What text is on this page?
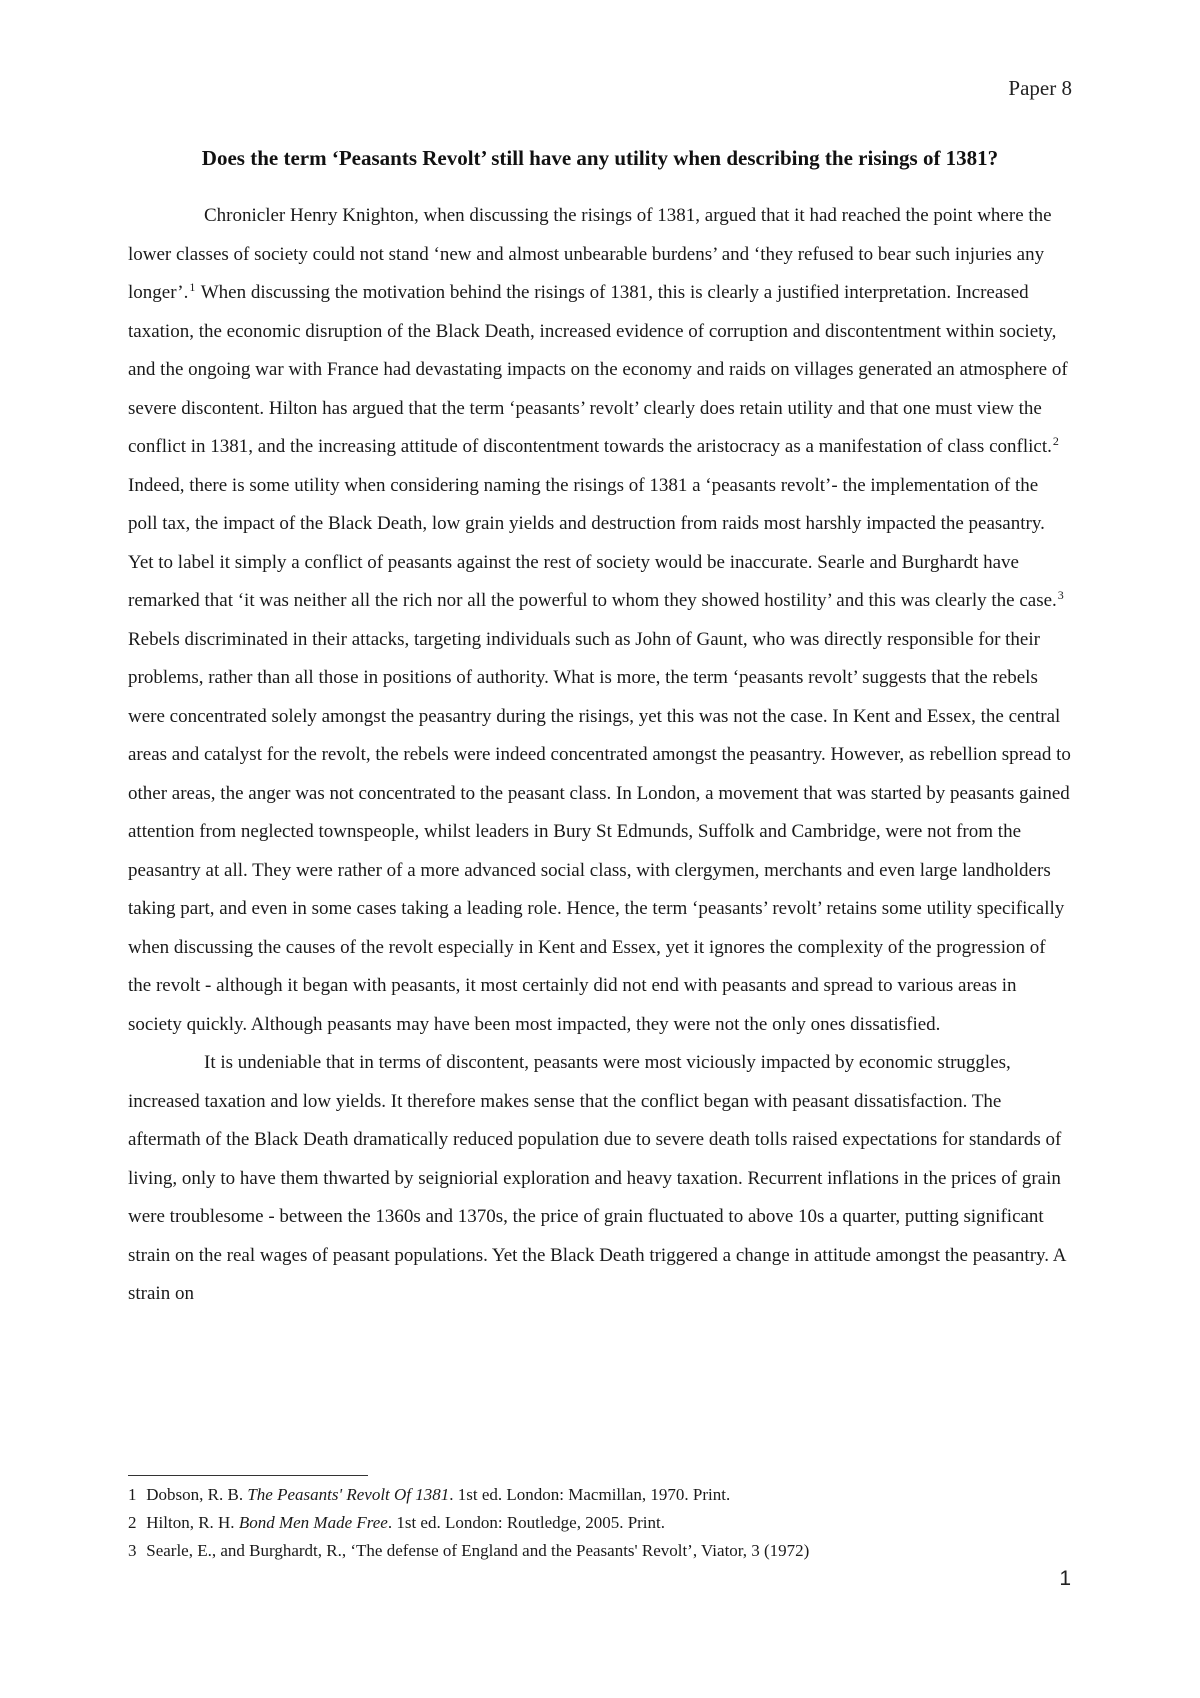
Paper 8
Does the term ‘Peasants Revolt’ still have any utility when describing the risings of 1381?

Chronicler Henry Knighton, when discussing the risings of 1381, argued that it had reached the point where the lower classes of society could not stand ‘new and almost unbearable burdens’ and ‘they refused to bear such injuries any longer’.$^1$ When discussing the motivation behind the risings of 1381, this is clearly a justified interpretation. Increased taxation, the economic disruption of the Black Death, increased evidence of corruption and discontentment within society, and the ongoing war with France had devastating impacts on the economy and raids on villages generated an atmosphere of severe discontent. Hilton has argued that the term ‘peasants’ revolt’ clearly does retain utility and that one must view the conflict in 1381, and the increasing attitude of discontentment towards the aristocracy as a manifestation of class conflict.$^2$ Indeed, there is some utility when considering naming the risings of 1381 a ‘peasants revolt’- the implementation of the poll tax, the impact of the Black Death, low grain yields and destruction from raids most harshly impacted the peasantry. Yet to label it simply a conflict of peasants against the rest of society would be inaccurate. Searle and Burghardt have remarked that ‘it was neither all the rich nor all the powerful to whom they showed hostility’ and this was clearly the case.$^3$ Rebels discriminated in their attacks, targeting individuals such as John of Gaunt, who was directly responsible for their problems, rather than all those in positions of authority. What is more, the term ‘peasants revolt’ suggests that the rebels were concentrated solely amongst the peasantry during the risings, yet this was not the case. In Kent and Essex, the central areas and catalyst for the revolt, the rebels were indeed concentrated amongst the peasantry. However, as rebellion spread to other areas, the anger was not concentrated to the peasant class. In London, a movement that was started by peasants gained attention from neglected townspeople, whilst leaders in Bury St Edmunds, Suffolk and Cambridge, were not from the peasantry at all. They were rather of a more advanced social class, with clergymen, merchants and even large landholders taking part, and even in some cases taking a leading role. Hence, the term ‘peasants’ revolt’ retains some utility specifically when discussing the causes of the revolt especially in Kent and Essex, yet it ignores the complexity of the progression of the revolt - although it began with peasants, it most certainly did not end with peasants and spread to various areas in society quickly. Although peasants may have been most impacted, they were not the only ones dissatisfied.

It is undeniable that in terms of discontent, peasants were most viciously impacted by economic struggles, increased taxation and low yields. It therefore makes sense that the conflict began with peasant dissatisfaction. The aftermath of the Black Death dramatically reduced population due to severe death tolls raised expectations for standards of living, only to have them thwarted by seigniorial exploration and heavy taxation. Recurrent inflations in the prices of grain were troublesome - between the 1360s and 1370s, the price of grain fluctuated to above 10s a quarter, putting significant strain on the real wages of peasant populations. Yet the Black Death triggered a change in attitude amongst the peasantry. A strain on

1 Dobson, R. B. The Peasants' Revolt Of 1381. 1st ed. London: Macmillan, 1970. Print.
2 Hilton, R. H. Bond Men Made Free. 1st ed. London: Routledge, 2005. Print.
3 Searle, E., and Burghardt, R., ‘The defense of England and the Peasants' Revolt’, Viator, 3 (1972)
1
